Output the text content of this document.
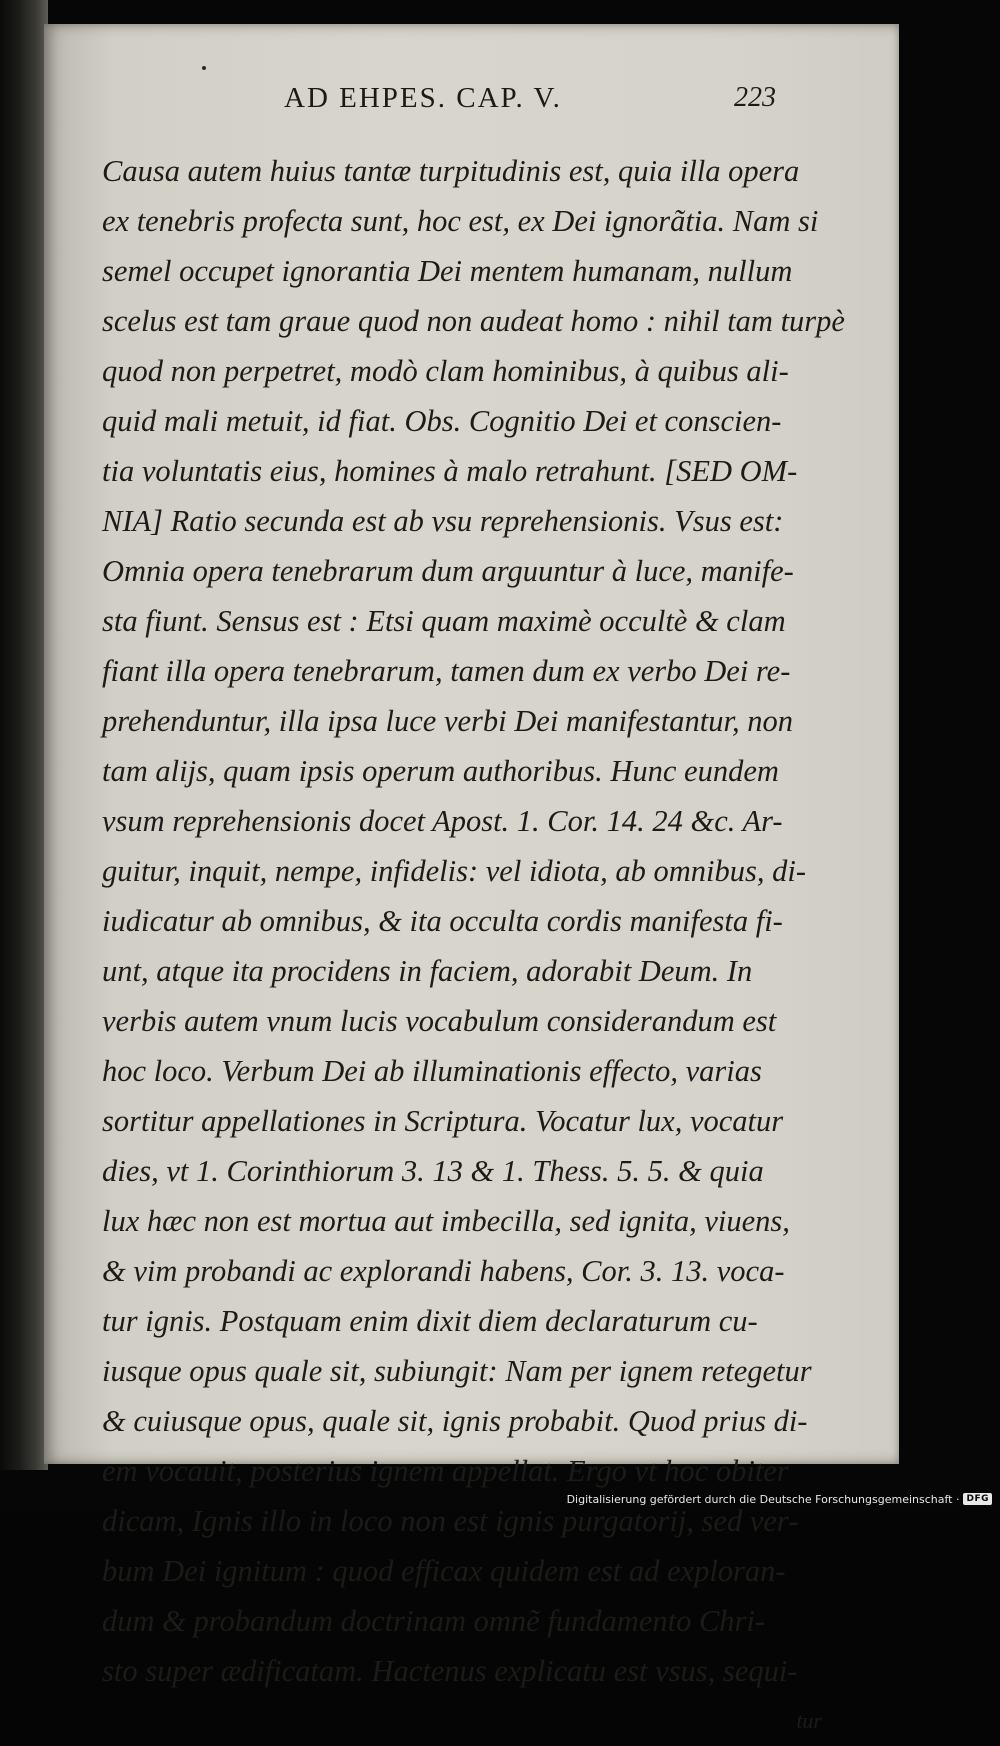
AD EHPES. CAP. V.	223
Causa autem huius tantæ turpitudinis est, quia illa opera
ex tenebris profecta sunt, hoc est, ex Dei ignorãtia. Nam si
semel occupet ignorantia Dei mentem humanam, nullum
scelus est tam graue quod non audeat homo : nihil tam turpè
quod non perpetret, modò clam hominibus, à quibus ali-
quid mali metuit, id fiat. Obs. Cognitio Dei et conscien-
tia voluntatis eius, homines à malo retrahunt. [SED OM-
NIA] Ratio secunda est ab vsu reprehensionis. Vsus est:
Omnia opera tenebrarum dum arguuntur à luce, manife-
sta fiunt. Sensus est : Etsi quam maximè occultè & clam
fiant illa opera tenebrarum, tamen dum ex verbo Dei re-
prehenduntur, illa ipsa luce verbi Dei manifestantur, non
tam alijs, quam ipsis operum authoribus. Hunc eundem
vsum reprehensionis docet Apost. 1. Cor. 14. 24 &c. Ar-
guitur, inquit, nempe, infidelis: vel idiota, ab omnibus, di-
iudicatur ab omnibus, & ita occulta cordis manifesta fi-
unt, atque ita procidens in faciem, adorabit Deum. In
verbis autem vnum lucis vocabulum considerandum est
hoc loco. Verbum Dei ab illuminationis effecto, varias
sortitur appellationes in Scriptura. Vocatur lux, vocatur
dies, vt 1. Corinthiorum 3. 13 & 1. Thess. 5. 5. & quia
lux hæc non est mortua aut imbecilla, sed ignita, viuens,
& vim probandi ac explorandi habens, Cor. 3. 13. voca-
tur ignis. Postquam enim dixit diem declaraturum cu-
iusque opus quale sit, subiungit: Nam per ignem retegetur
& cuiusque opus, quale sit, ignis probabit. Quod prius di-
em vocauit, posterius ignem appellat. Ergo vt hoc obiter
dicam, Ignis illo in loco non est ignis purgatorij, sed ver-
bum Dei ignitum : quod efficax quidem est ad exploran-
dum & probandum doctrinam omnẽ fundamento Chri-
sto super ædificatam. Hactenus explicatu est vsus, sequi-
tur
Digitalisierung gefördert durch die Deutsche Forschungsgemeinschaft · DFG
